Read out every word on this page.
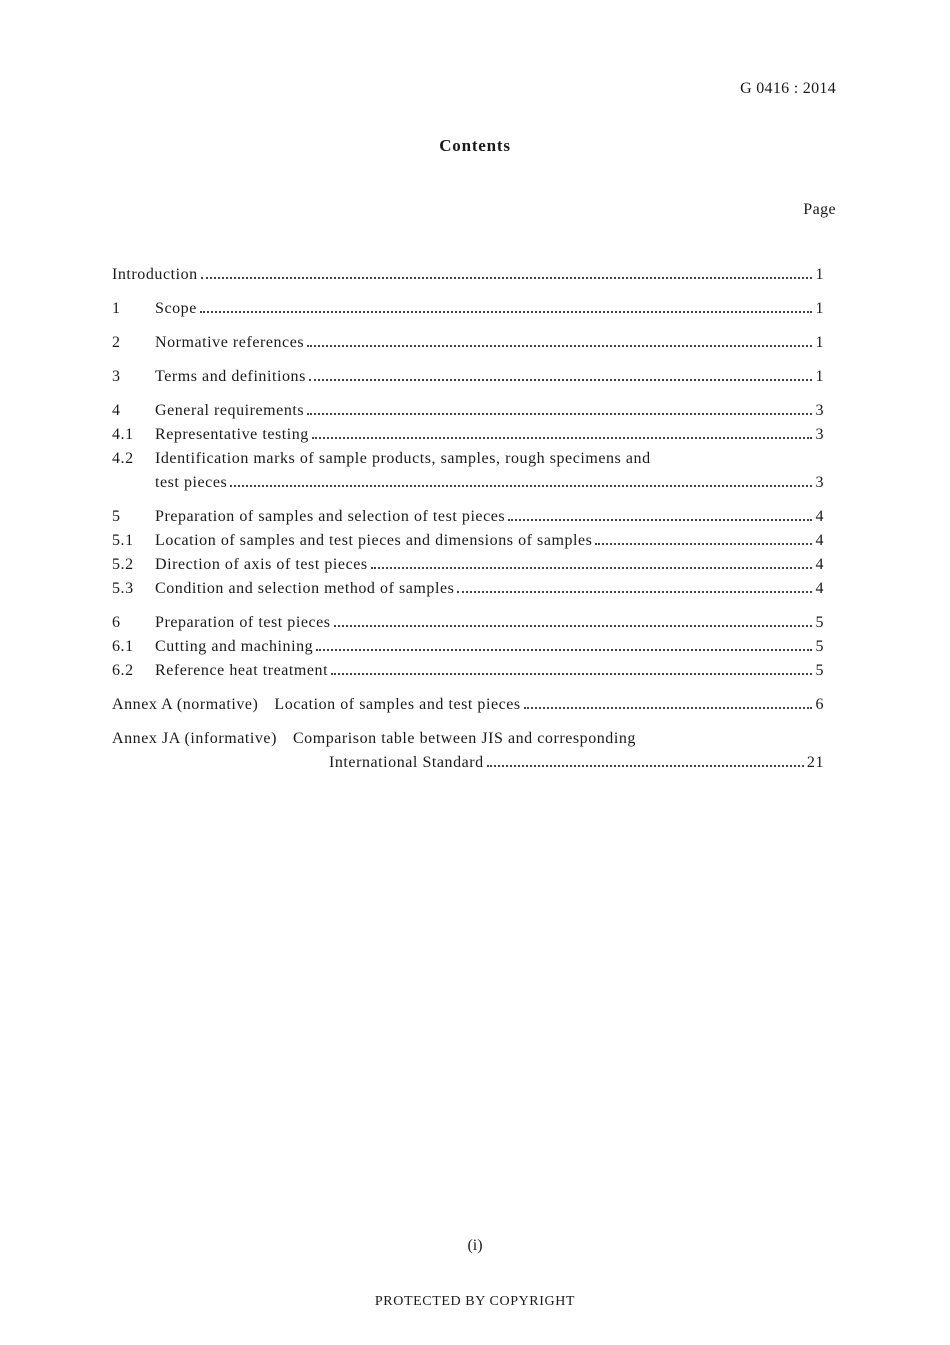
G 0416 : 2014
Contents
Page
Introduction	1
1	Scope	1
2	Normative references	1
3	Terms and definitions	1
4	General requirements	3
4.1	Representative testing	3
4.2	Identification marks of sample products, samples, rough specimens and
test pieces	3
5	Preparation of samples and selection of test pieces	4
5.1	Location of samples and test pieces and dimensions of samples	4
5.2	Direction of axis of test pieces	4
5.3	Condition and selection method of samples	4
6	Preparation of test pieces	5
6.1	Cutting and machining	5
6.2	Reference heat treatment	5
Annex A (normative) Location of samples and test pieces	6
Annex JA (informative) Comparison table between JIS and corresponding
International Standard	21
(i)
PROTECTED BY COPYRIGHT
